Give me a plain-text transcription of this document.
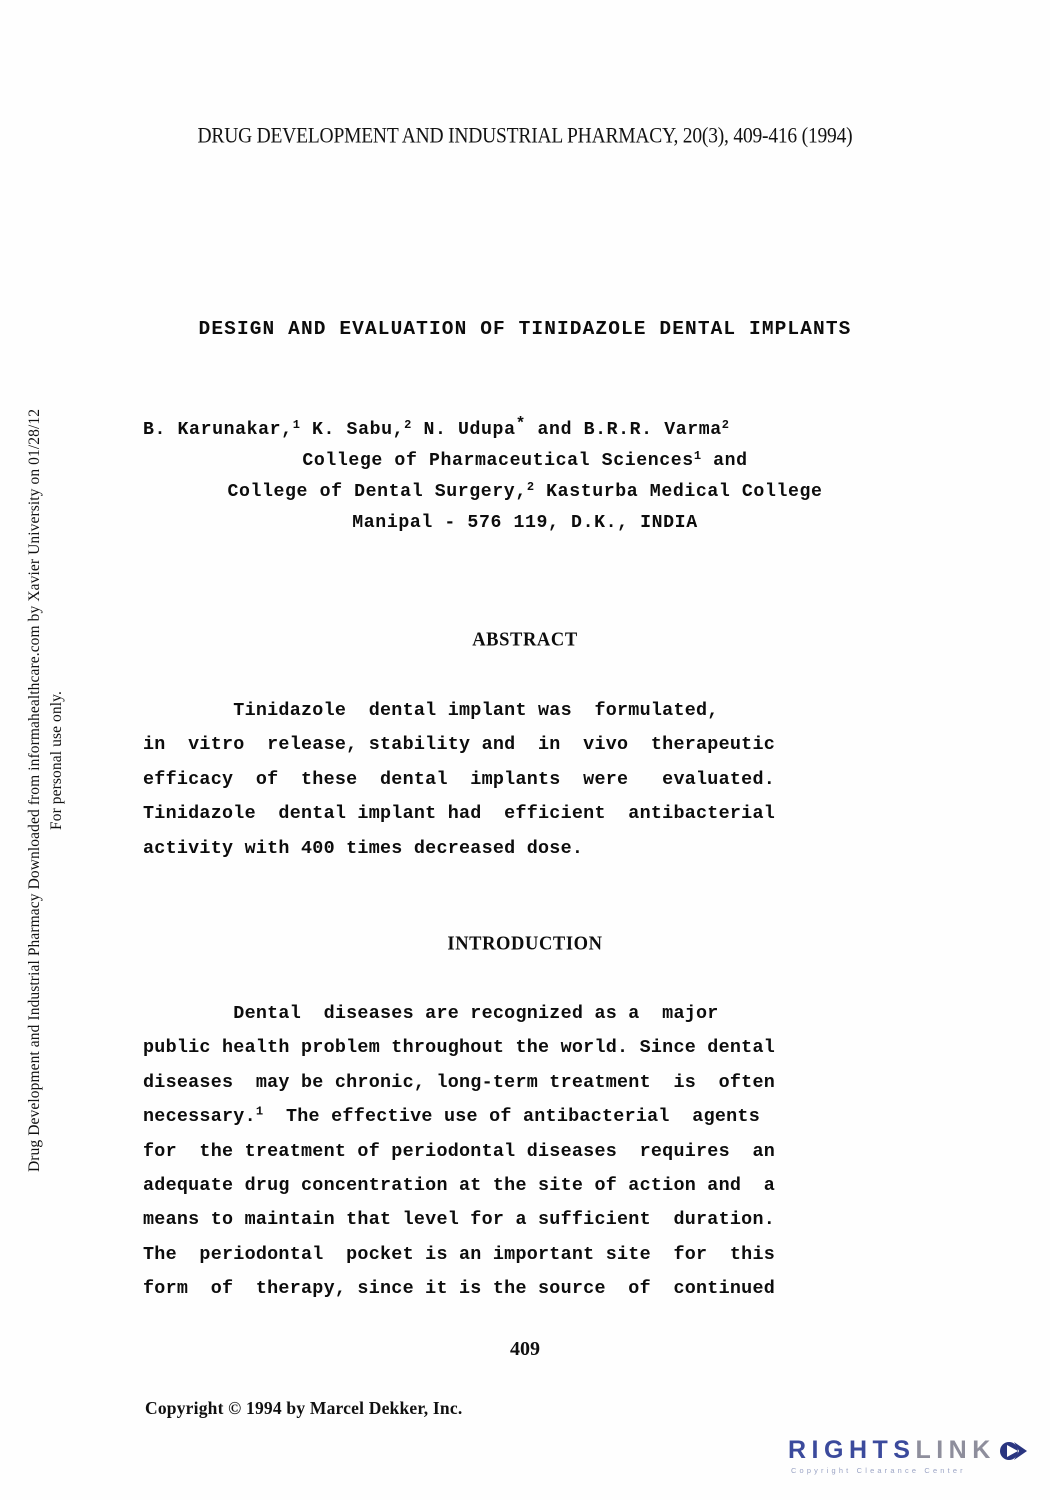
Drug Development and Industrial Pharmacy Downloaded from informahealthcare.com by Xavier University on 01/28/12 For personal use only.
DRUG DEVELOPMENT AND INDUSTRIAL PHARMACY, 20(3), 409-416 (1994)
DESIGN AND EVALUATION OF TINIDAZOLE DENTAL IMPLANTS
B. Karunakar,$^1$ K. Sabu,$^2$ N. Udupa* and B.R.R. Varma$^2$
College of Pharmaceutical Sciences$^1$ and
College of Dental Surgery,$^2$ Kasturba Medical College
Manipal - 576 119, D.K., INDIA
ABSTRACT
Tinidazole  dental implant was  formulated,
in  vitro  release, stability and  in  vivo  therapeutic
efficacy  of  these  dental  implants  were   evaluated.
Tinidazole  dental implant had  efficient  antibacterial
activity with 400 times decreased dose.
INTRODUCTION
Dental  diseases are recognized as a  major
public health problem throughout the world. Since dental
diseases  may be chronic, long-term treatment  is  often
necessary.$^1$  The effective use of antibacterial  agents
for  the treatment of periodontal diseases  requires  an
adequate drug concentration at the site of action and  a
means to maintain that level for a sufficient  duration.
The  periodontal  pocket is an important site  for  this
form  of  therapy, since it is the source  of  continued
409
Copyright © 1994 by Marcel Dekker, Inc.
RIGHTS LINK
Copyright Clearance Center
